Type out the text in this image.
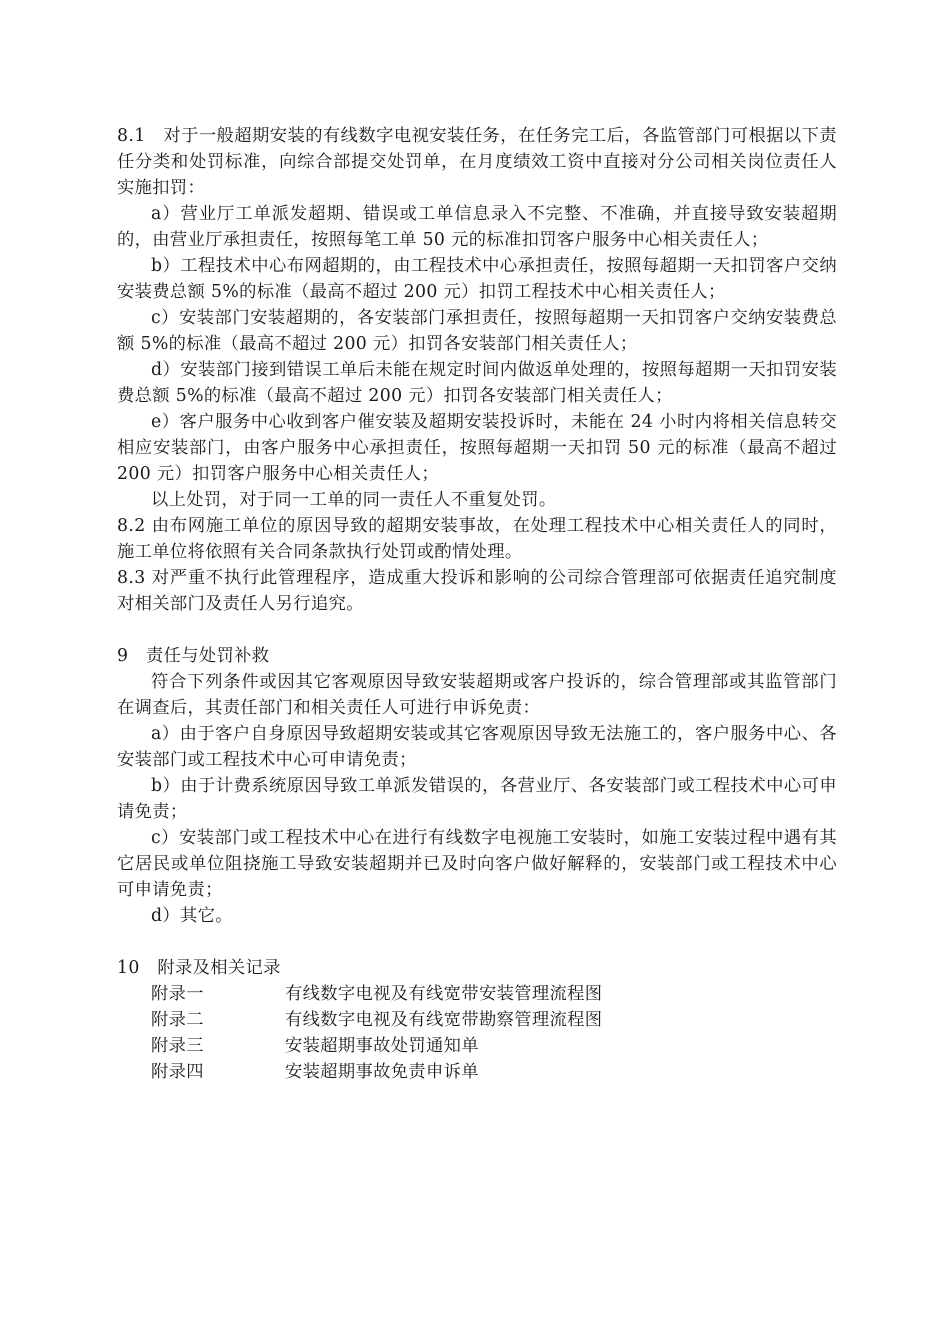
8.1　对于一般超期安装的有线数字电视安装任务，在任务完工后，各监管部门可根据以下责任分类和处罚标准，向综合部提交处罚单，在月度绩效工资中直接对分公司相关岗位责任人实施扣罚：

a）营业厅工单派发超期、错误或工单信息录入不完整、不准确，并直接导致安装超期的，由营业厅承担责任，按照每笔工单 50 元的标准扣罚客户服务中心相关责任人；

b）工程技术中心布网超期的，由工程技术中心承担责任，按照每超期一天扣罚客户交纳安装费总额 5%的标准（最高不超过 200 元）扣罚工程技术中心相关责任人；

c）安装部门安装超期的，各安装部门承担责任，按照每超期一天扣罚客户交纳安装费总额 5%的标准（最高不超过 200 元）扣罚各安装部门相关责任人；

d）安装部门接到错误工单后未能在规定时间内做返单处理的，按照每超期一天扣罚安装费总额 5%的标准（最高不超过 200 元）扣罚各安装部门相关责任人；

e）客户服务中心收到客户催安装及超期安装投诉时，未能在 24 小时内将相关信息转交相应安装部门，由客户服务中心承担责任，按照每超期一天扣罚 50 元的标准（最高不超过 200 元）扣罚客户服务中心相关责任人；

以上处罚，对于同一工单的同一责任人不重复处罚。

8.2 由布网施工单位的原因导致的超期安装事故，在处理工程技术中心相关责任人的同时，施工单位将依照有关合同条款执行处罚或酌情处理。

8.3 对严重不执行此管理程序，造成重大投诉和影响的公司综合管理部可依据责任追究制度对相关部门及责任人另行追究。

9　责任与处罚补救

符合下列条件或因其它客观原因导致安装超期或客户投诉的，综合管理部或其监管部门在调查后，其责任部门和相关责任人可进行申诉免责：

a）由于客户自身原因导致超期安装或其它客观原因导致无法施工的，客户服务中心、各安装部门或工程技术中心可申请免责；

b）由于计费系统原因导致工单派发错误的，各营业厅、各安装部门或工程技术中心可申请免责；

c）安装部门或工程技术中心在进行有线数字电视施工安装时，如施工安装过程中遇有其它居民或单位阻挠施工导致安装超期并已及时向客户做好解释的，安装部门或工程技术中心可申请免责；

d）其它。

10　附录及相关记录

附录一	有线数字电视及有线宽带安装管理流程图
附录二	有线数字电视及有线宽带勘察管理流程图
附录三	安装超期事故处罚通知单
附录四	安装超期事故免责申诉单
